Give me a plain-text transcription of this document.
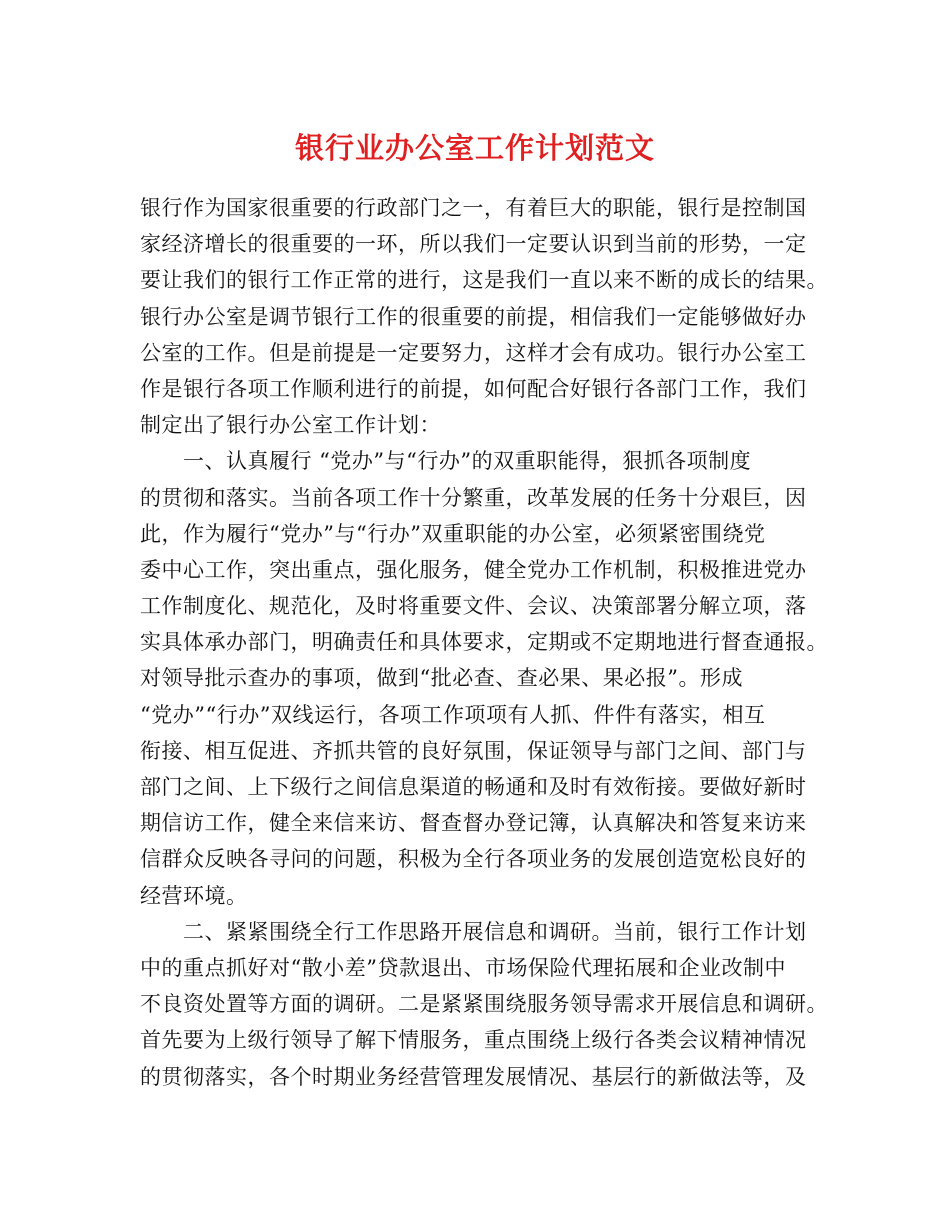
银行业办公室工作计划范文
银行作为国家很重要的行政部门之一，有着巨大的职能，银行是控制国
家经济增长的很重要的一环，所以我们一定要认识到当前的形势，一定
要让我们的银行工作正常的进行，这是我们一直以来不断的成长的结果。
银行办公室是调节银行工作的很重要的前提，相信我们一定能够做好办
公室的工作。但是前提是一定要努力，这样才会有成功。银行办公室工
作是银行各项工作顺利进行的前提，如何配合好银行各部门工作，我们
制定出了银行办公室工作计划：
　　一、认真履行 “党办”与“行办”的双重职能得，狠抓各项制度
的贯彻和落实。当前各项工作十分繁重，改革发展的任务十分艰巨，因
此，作为履行“党办”与“行办”双重职能的办公室，必须紧密围绕党
委中心工作，突出重点，强化服务，健全党办工作机制，积极推进党办
工作制度化、规范化，及时将重要文件、会议、决策部署分解立项，落
实具体承办部门，明确责任和具体要求，定期或不定期地进行督查通报。
对领导批示查办的事项，做到“批必查、查必果、果必报”。形成
“党办”“行办”双线运行，各项工作项项有人抓、件件有落实，相互
衔接、相互促进、齐抓共管的良好氛围，保证领导与部门之间、部门与
部门之间、上下级行之间信息渠道的畅通和及时有效衔接。要做好新时
期信访工作，健全来信来访、督查督办登记簿，认真解决和答复来访来
信群众反映各寻问的问题，积极为全行各项业务的发展创造宽松良好的
经营环境。
　　二、紧紧围绕全行工作思路开展信息和调研。当前，银行工作计划
中的重点抓好对“散小差”贷款退出、市场保险代理拓展和企业改制中
不良资处置等方面的调研。二是紧紧围绕服务领导需求开展信息和调研。
首先要为上级行领导了解下情服务，重点围绕上级行各类会议精神情况
的贯彻落实，各个时期业务经营管理发展情况、基层行的新做法等，及
